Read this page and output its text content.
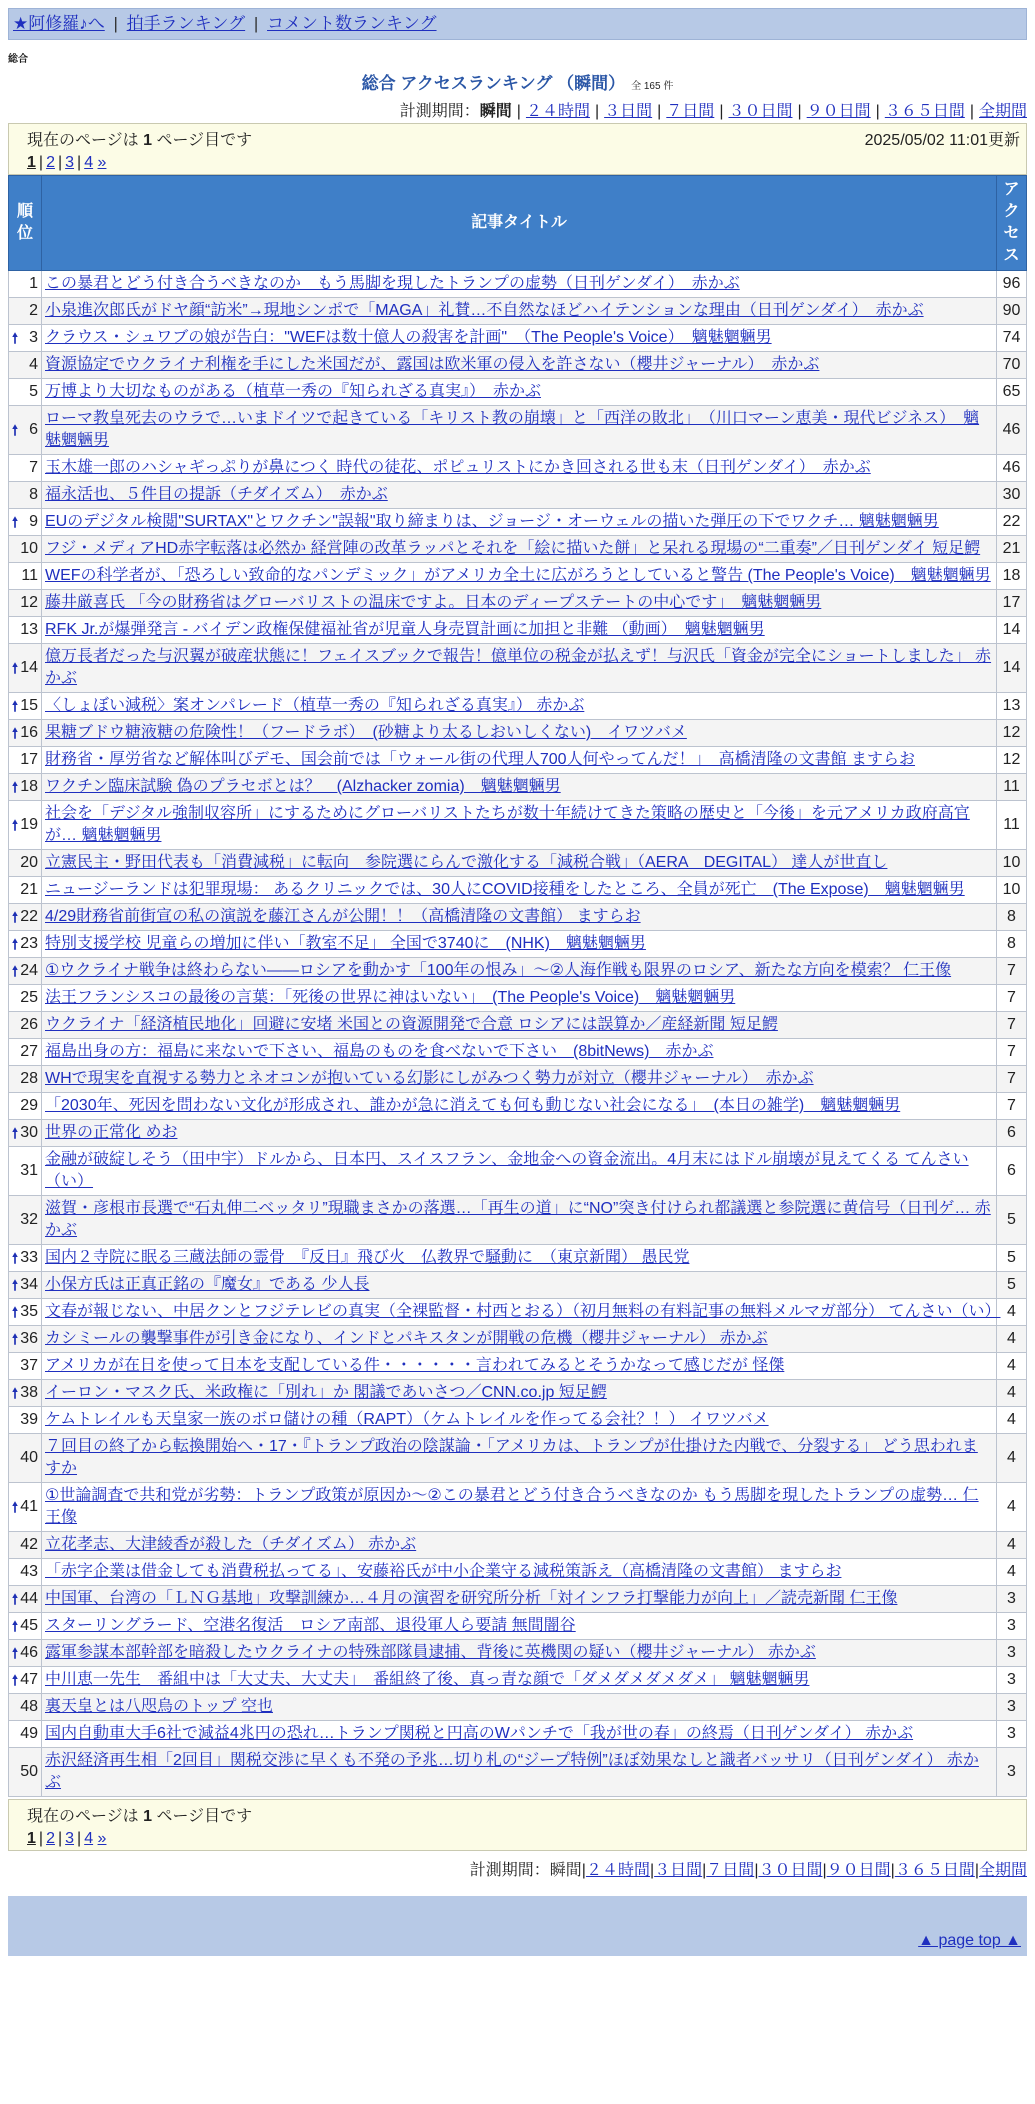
★阿修羅♪へ | 拍手ランキング | コメント数ランキング
総合
総合 アクセスランキング （瞬間） 全 165 件
計測期間：瞬間 | ２４時間 | ３日間 | ７日間 | ３０日間 | ９０日間 | ３６５日間 | 全期間
現在のページは 1 ページ目です	2025/05/02 11:01更新
1 | 2 | 3 | 4 »
順位	記事タイトル	アクセス
1	この暴君とどう付き合うべきなのか　もう馬脚を現したトランプの虚勢（日刊ゲンダイ）　赤かぶ	96
2	小泉進次郎氏がドヤ顔“訪米”→現地シンポで「MAGA」礼賛…不自然なほどハイテンションな理由（日刊ゲンダイ）　赤かぶ	90

🠕 3	クラウス・シュワブの娘が告白："WEFは数十億人の殺害を計画"　（The People's Voice）　魑魅魍魎男	74
4	資源協定でウクライナ利権を手にした米国だが、露国は欧米軍の侵入を許さない（櫻井ジャーナル）　赤かぶ	70
5	万博より大切なものがある（植草一秀の『知られざる真実』）　赤かぶ	65

🠕 6	ローマ教皇死去のウラで…いまドイツで起きている「キリスト教の崩壊」と「西洋の敗北」　（川口マーン恵美・現代ビジネス）　魑魅魍魎男	46
7	玉木雄一郎のハシャギっぷりが鼻につく 時代の徒花、ポピュリストにかき回される世も末（日刊ゲンダイ）　赤かぶ	46
8	福永活也、５件目の提訴（チダイズム）　赤かぶ	30

🠕 9	EUのデジタル検閲"SURTAX"とワクチン"誤報"取り締まりは、ジョージ・オーウェルの描いた弾圧の下でワクチ… 魑魅魍魎男	22
10	フジ・メディアHD赤字転落は必然か 経営陣の改革ラッパとそれを「絵に描いた餅」と呆れる現場の“二重奏”／日刊ゲンダイ 短足鰐	21
11	WEFの科学者が、「恐ろしい致命的なパンデミック」がアメリカ全土に広がろうとしていると警告 (The People's Voice)　魑魅魍魎男	18
12	藤井厳喜氏 「今の財務省はグローバリストの温床ですよ。日本のディープステートの中心です」　魑魅魍魎男	17
13	RFK Jr.が爆弾発言 - バイデン政権保健福祉省が児童人身売買計画に加担と非難 （動画）　魑魅魍魎男	14

🠕 14	億万長者だった与沢翼が破産状態に！フェイスブックで報告！億単位の税金が払えず！与沢氏「資金が完全にショートしました」 赤かぶ	14

🠕 15	〈しょぼい減税〉案オンパレード（植草一秀の『知られざる真実』） 赤かぶ	13

🠕 16	果糖ブドウ糖液糖の危険性！（フードラボ）　(砂糖より太るしおいしくない)　イワツバメ	12
17	財務省・厚労省など解体叫びデモ、国会前では「ウォール街の代理人700人何やってんだ！」　高橋清隆の文書館 ますらお	12

🠕 18	ワクチン臨床試験 偽のプラセボとは？　(Alzhacker zomia)　魑魅魍魎男	11

🠕 19	社会を「デジタル強制収容所」にするためにグローバリストたちが数十年続けてきた策略の歴史と「今後」を元アメリカ政府高官が… 魑魅魍魎男	11
20	立憲民主・野田代表も「消費減税」に転向　参院選にらんで激化する「減税合戦」（AERA　DEGITAL） 達人が世直し	10
21	ニュージーランドは犯罪現場： あるクリニックでは、30人にCOVID接種をしたところ、全員が死亡　(The Expose)　魑魅魍魎男	10

🠕 22	4/29財務省前街宣の私の演説を藤江さんが公開！！（高橋清隆の文書館） ますらお	8

🠕 23	特別支援学校 児童らの増加に伴い「教室不足」 全国で3740に　(NHK)　魑魅魍魎男	8

🠕 24	①ウクライナ戦争は終わらない――ロシアを動かす「100年の恨み」～②人海作戦も限界のロシア、新たな方向を模索？ 仁王像	7
25	法王フランシスコの最後の言葉：「死後の世界に神はいない」　(The People's Voice)　魑魅魍魎男	7
26	ウクライナ「経済植民地化」回避に安堵 米国との資源開発で合意 ロシアには誤算か／産経新聞 短足鰐	7
27	福島出身の方：福島に来ないで下さい、福島のものを食べないで下さい　(8bitNews)　赤かぶ	7
28	WHで現実を直視する勢力とネオコンが抱いている幻影にしがみつく勢力が対立（櫻井ジャーナル）　赤かぶ	7
29	「2030年、死因を問わない文化が形成され、誰かが急に消えても何も動じない社会になる」　(本日の雑学)　魑魅魍魎男	7

🠕 30	世界の正常化 めお	6
31	金融が破綻しそう（田中宇）ドルから、日本円、スイスフラン、金地金への資金流出。4月末にはドル崩壊が見えてくる てんさい（い）	6
32	滋賀・彦根市長選で“石丸伸二ベッタリ”現職まさかの落選…「再生の道」に“NO”突き付けられ都議選と参院選に黄信号（日刊ゲ… 赤かぶ	5

🠕 33	国内２寺院に眠る三蔵法師の霊骨　『反日』飛び火　仏教界で騒動に　（東京新聞） 愚民党	5

🠕 34	小保方氏は正真正銘の『魔女』である 少人長	5

🠕 35	文春が報じない、中居クンとフジテレビの真実（全裸監督・村西とおる）（初月無料の有料記事の無料メルマガ部分） てんさい（い）	4

🠕 36	カシミールの襲撃事件が引き金になり、インドとパキスタンが開戦の危機（櫻井ジャーナル） 赤かぶ	4
37	アメリカが在日を使って日本を支配している件・・・・・・言われてみるとそうかなって感じだが 怪傑	4

🠕 38	イーロン・マスク氏、米政権に「別れ」か 閣議であいさつ／CNN.co.jp 短足鰐	4
39	ケムトレイルも天皇家一族のボロ儲けの種（RAPT）（ケムトレイルを作ってる会社？！） イワツバメ	4
40	７回目の終了から転換開始へ・17・『トランプ政治の陰謀論・「アメリカは、トランプが仕掛けた内戦で、分裂する」 どう思われますか	4

🠕 41	①世論調査で共和党が劣勢：トランプ政策が原因か～②この暴君とどう付き合うべきなのか もう馬脚を現したトランプの虚勢… 仁王像	4
42	立花孝志、大津綾香が殺した（チダイズム） 赤かぶ	4
43	「赤字企業は借金しても消費税払ってる」、安藤裕氏が中小企業守る減税策訴え（高橋清隆の文書館） ますらお	4

🠕 44	中国軍、台湾の「ＬＮＧ基地」攻撃訓練か…４月の演習を研究所分析「対インフラ打撃能力が向上」／読売新聞 仁王像	3

🠕 45	スターリングラード、空港名復活　ロシア南部、退役軍人ら要請 無間闇谷	3

🠕 46	露軍参謀本部幹部を暗殺したウクライナの特殊部隊員逮捕、背後に英機関の疑い（櫻井ジャーナル） 赤かぶ	3

🠕 47	中川恵一先生　番組中は「大丈夫、大丈夫」　番組終了後、真っ青な顔で「ダメダメダメダメ」 魑魅魍魎男	3
48	裏天皇とは八咫烏のトップ 空也	3
49	国内自動車大手6社で減益4兆円の恐れ…トランプ関税と円高のWパンチで「我が世の春」の終焉（日刊ゲンダイ） 赤かぶ	3
50	赤沢経済再生相「2回目」関税交渉に早くも不発の予兆…切り札の“ジープ特例”ほぼ効果なしと識者バッサリ（日刊ゲンダイ） 赤かぶ	3
現在のページは 1 ページ目です
1 | 2 | 3 | 4 »
計測期間：瞬間|２４時間|３日間|７日間|３０日間|９０日間|３６５日間|全期間
▲ page top ▲
